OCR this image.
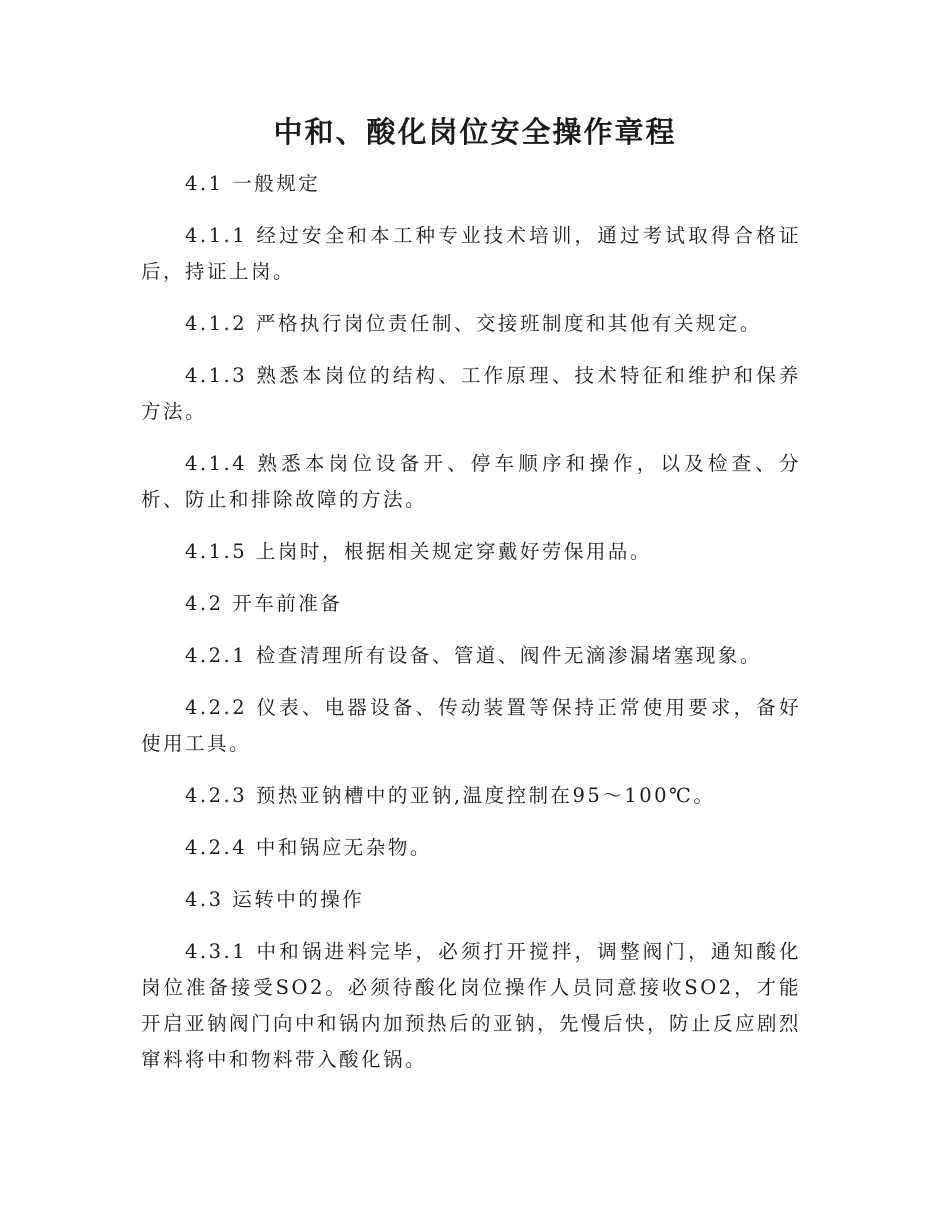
中和、酸化岗位安全操作章程

4.1 一般规定

4.1.1 经过安全和本工种专业技术培训，通过考试取得合格证后，持证上岗。

4.1.2 严格执行岗位责任制、交接班制度和其他有关规定。

4.1.3 熟悉本岗位的结构、工作原理、技术特征和维护和保养方法。

4.1.4 熟悉本岗位设备开、停车顺序和操作，以及检查、分析、防止和排除故障的方法。

4.1.5 上岗时，根据相关规定穿戴好劳保用品。

4.2 开车前准备

4.2.1 检查清理所有设备、管道、阀件无滴渗漏堵塞现象。

4.2.2 仪表、电器设备、传动装置等保持正常使用要求，备好使用工具。

4.2.3 预热亚钠槽中的亚钠,温度控制在95～100℃。

4.2.4 中和锅应无杂物。

4.3 运转中的操作

4.3.1 中和锅进料完毕，必须打开搅拌，调整阀门，通知酸化岗位准备接受SO2。必须待酸化岗位操作人员同意接收SO2，才能开启亚钠阀门向中和锅内加预热后的亚钠，先慢后快，防止反应剧烈窜料将中和物料带入酸化锅。
